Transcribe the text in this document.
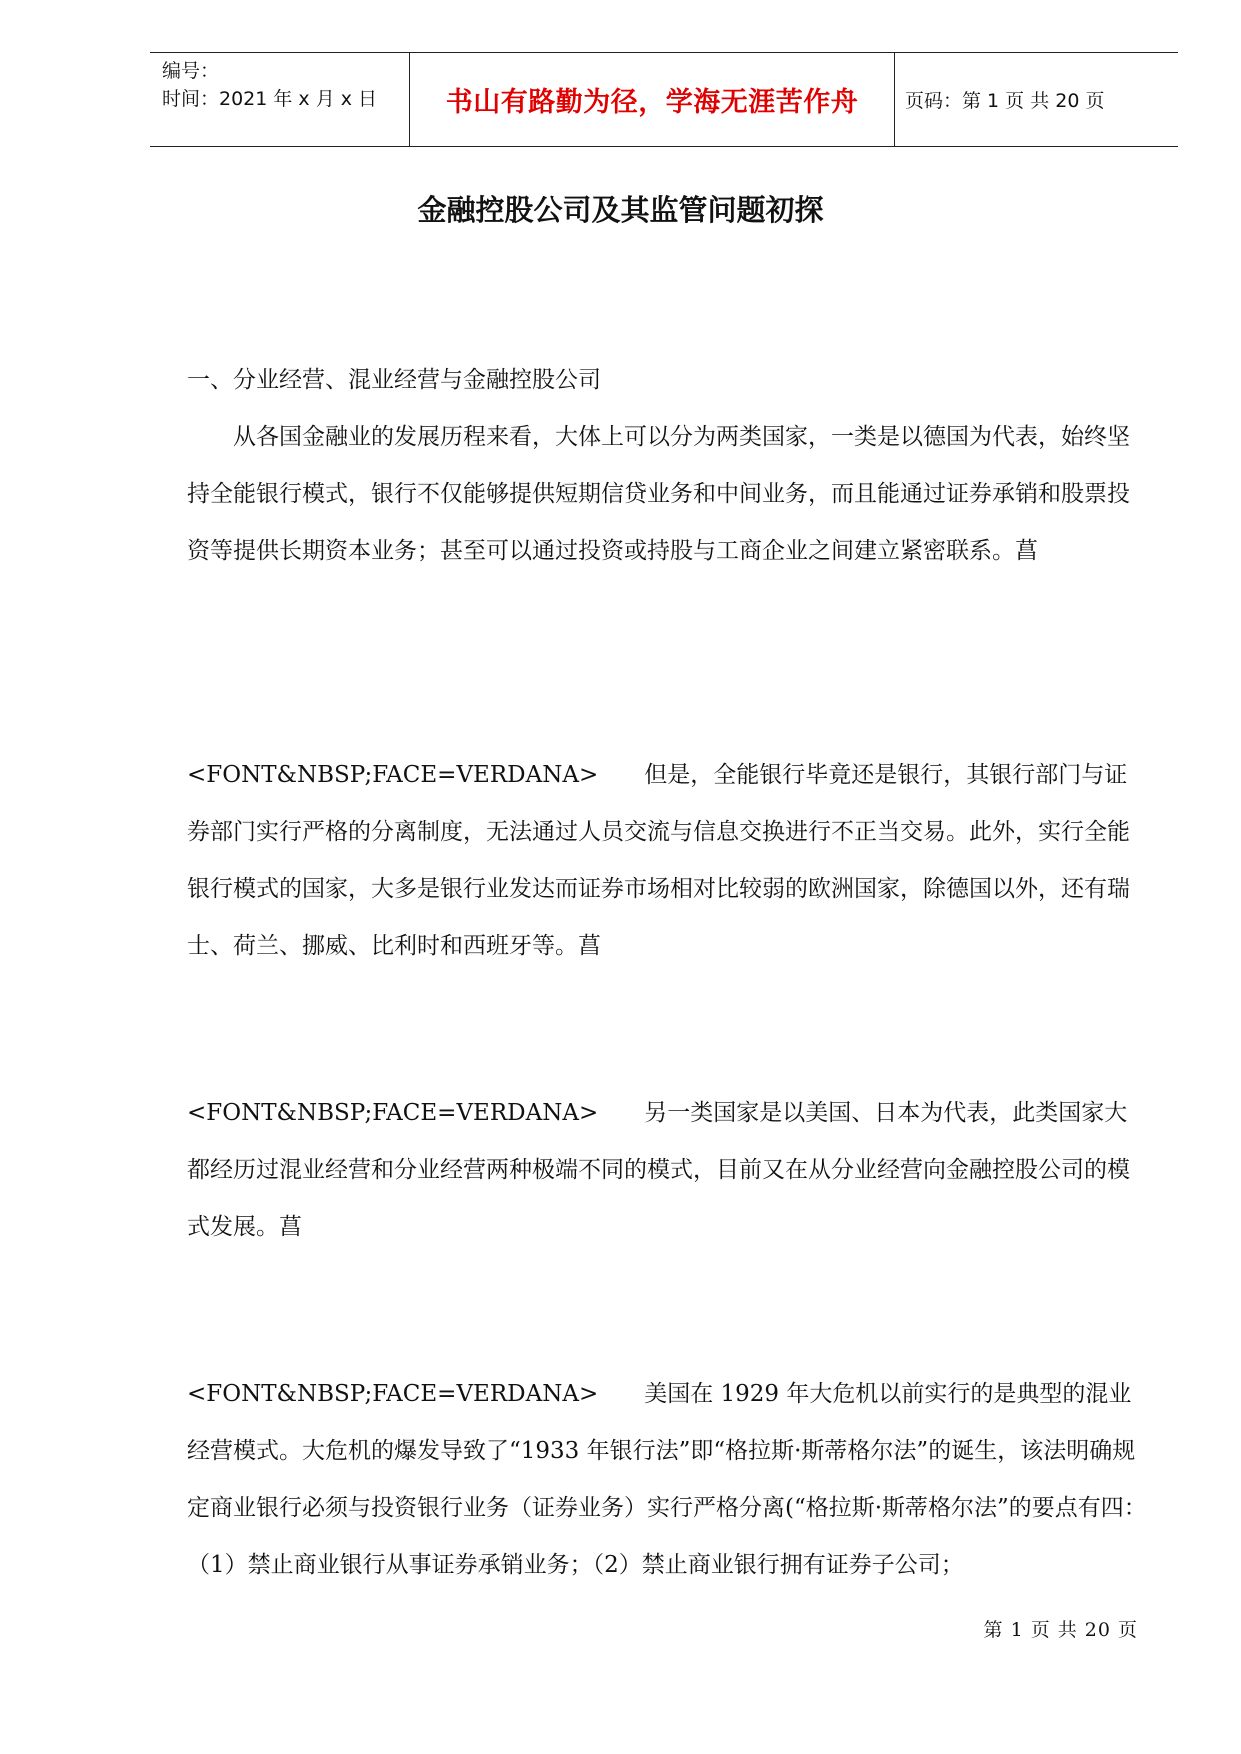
编号：
时间：2021 年 x 月 x 日	书山有路勤为径，学海无涯苦作舟 页码：第 1 页 共 20 页
金融控股公司及其监管问题初探
一、分业经营、混业经营与金融控股公司

从各国金融业的发展历程来看，大体上可以分为两类国家，一类是以德国为代表，始终坚持全能银行模式，银行不仅能够提供短期信贷业务和中间业务，而且能通过证券承销和股票投资等提供长期资本业务；甚至可以通过投资或持股与工商企业之间建立紧密联系。菖

<FONT&NBSP;FACE=VERDANA> 但是，全能银行毕竟还是银行，其银行部门与证券部门实行严格的分离制度，无法通过人员交流与信息交换进行不正当交易。此外，实行全能银行模式的国家，大多是银行业发达而证券市场相对比较弱的欧洲国家，除德国以外，还有瑞士、荷兰、挪威、比利时和西班牙等。菖

<FONT&NBSP;FACE=VERDANA> 另一类国家是以美国、日本为代表，此类国家大都经历过混业经营和分业经营两种极端不同的模式，目前又在从分业经营向金融控股公司的模式发展。菖

<FONT&NBSP;FACE=VERDANA> 美国在 1929 年大危机以前实行的是典型的混业经营模式。大危机的爆发导致了“1933 年银行法”即“格拉斯·斯蒂格尔法”的诞生，该法明确规定商业银行必须与投资银行业务（证券业务）实行严格分离(“格拉斯·斯蒂格尔法”的要点有四：（1）禁止商业银行从事证券承销业务；（2）禁止商业银行拥有证券子公司；

第 1 页 共 20 页
